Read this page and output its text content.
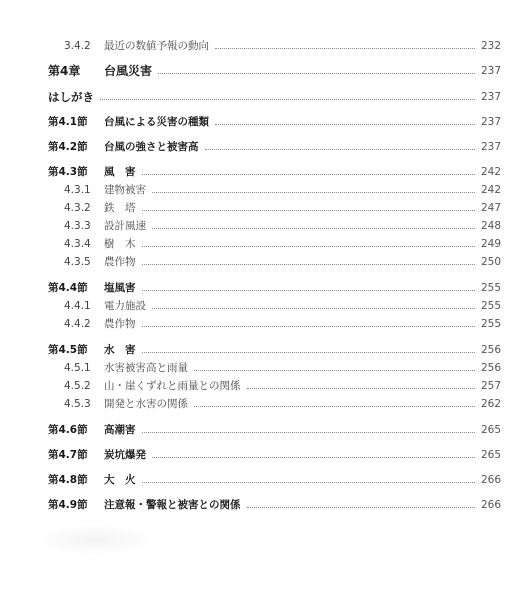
3.4.2 最近の数値予報の動向	232
第4章 台風災害	237
はしがき	237
第4.1節 台風による災害の種類	237
第4.2節 台風の強さと被害高	237
第4.3節 風　害	242
4.3.1 建物被害	242
4.3.2 鉄　塔	247
4.3.3 設計風速	248
4.3.4 樹　木	249
4.3.5 農作物	250
第4.4節 塩風害	255
4.4.1 電力施設	255
4.4.2 農作物	255
第4.5節 水　害	256
4.5.1 水害被害高と雨量	256
4.5.2 山・崖くずれと雨量との関係	257
4.5.3 開発と水害の関係	262
第4.6節 高潮害	265
第4.7節 炭坑爆発	265
第4.8節 大　火	266
第4.9節 注意報・警報と被害との関係	266
